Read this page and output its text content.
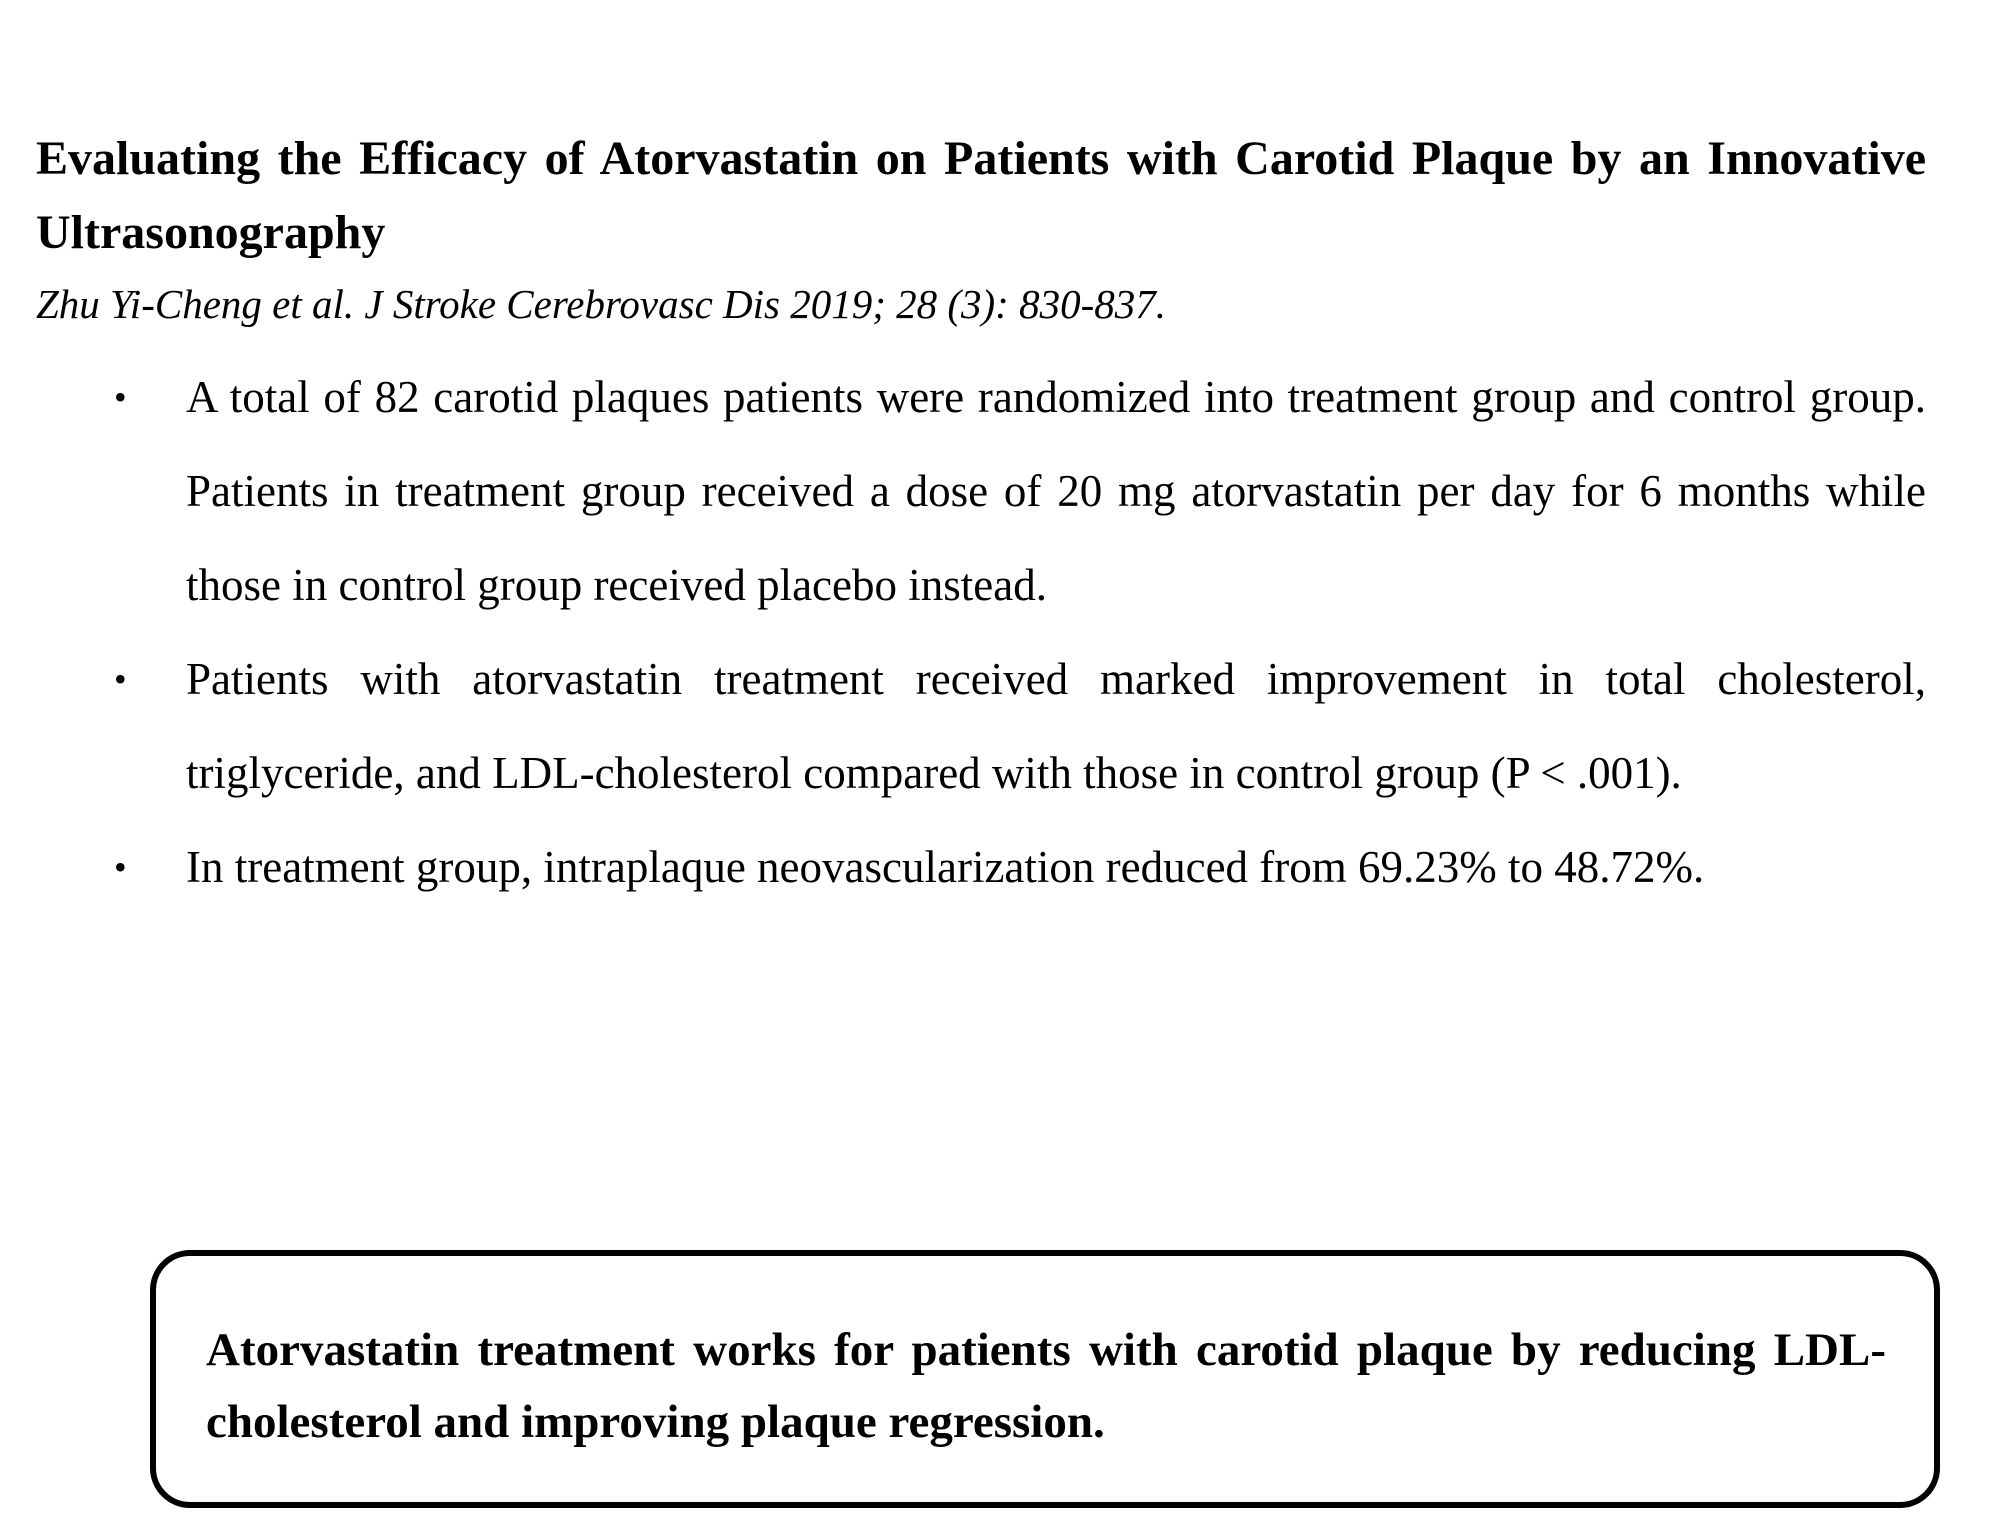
Evaluating the Efficacy of Atorvastatin on Patients with Carotid Plaque by an Innovative Ultrasonography

Zhu Yi-Cheng et al. J Stroke Cerebrovasc Dis 2019; 28 (3): 830-837.

• A total of 82 carotid plaques patients were randomized into treatment group and control group. Patients in treatment group received a dose of 20 mg atorvastatin per day for 6 months while those in control group received placebo instead.
• Patients with atorvastatin treatment received marked improvement in total cholesterol, triglyceride, and LDL-cholesterol compared with those in control group (P < .001).
• In treatment group, intraplaque neovascularization reduced from 69.23% to 48.72%.

Atorvastatin treatment works for patients with carotid plaque by reducing LDL-cholesterol and improving plaque regression.
